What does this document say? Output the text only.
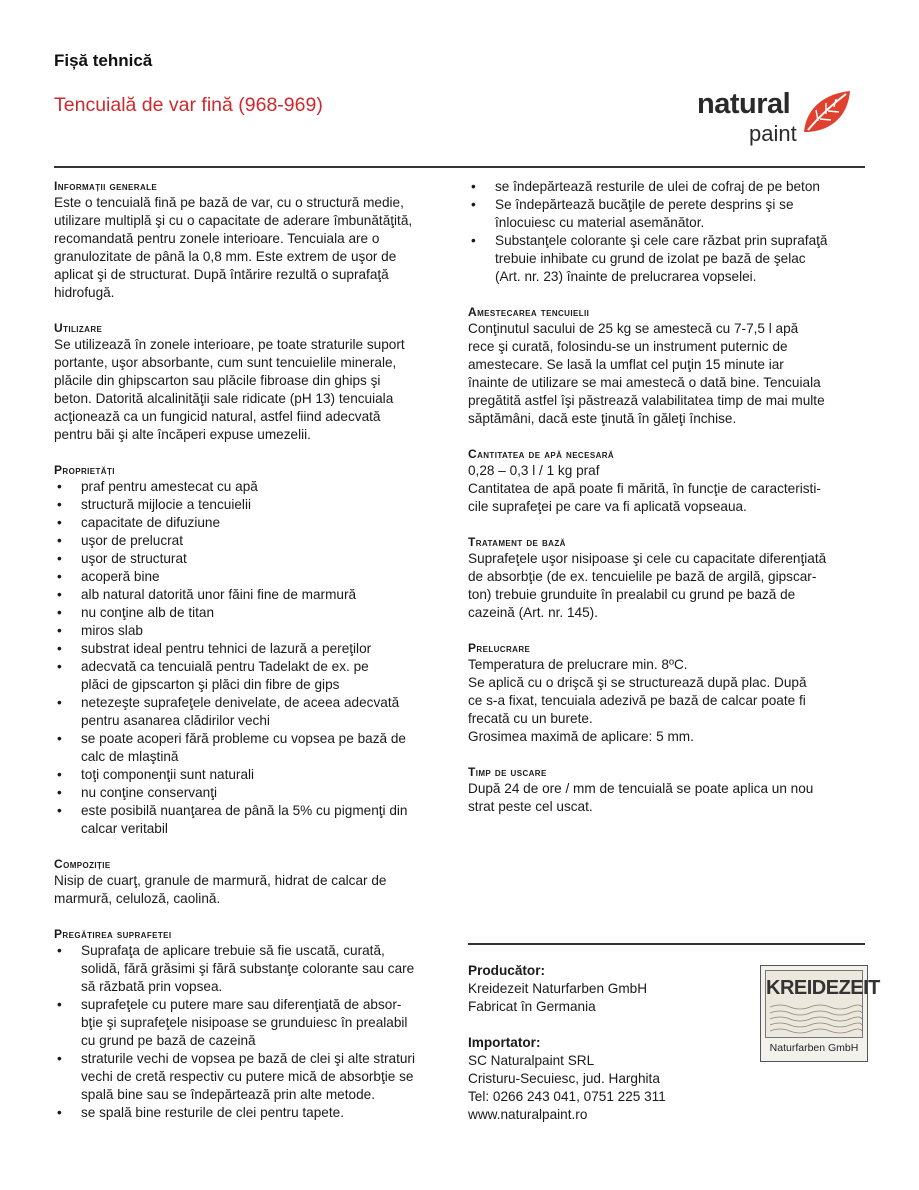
Fișă tehnică
Tencuială de var fină (968-969)	natural
paint
Informații generale

Este o tencuială fină pe bază de var, cu o structură medie,
utilizare multiplă şi cu o capacitate de aderare îmbunătăţită,
recomandată pentru zonele interioare. Tencuiala are o
granulozitate de până la 0,8 mm. Este extrem de uşor de
aplicat şi de structurat. După întărire rezultă o suprafaţă
hidrofugă.

Utilizare

Se utilizează în zonele interioare, pe toate straturile suport
portante, uşor absorbante, cum sunt tencuielile minerale,
plăcile din ghipscarton sau plăcile fibroase din ghips şi
beton. Datorită alcalinităţii sale ridicate (pH 13) tencuiala
acţionează ca un fungicid natural, astfel fiind adecvată
pentru băi şi alte încăperi expuse umezelii.

Proprietăți
• praf pentru amestecat cu apă
• structură mijlocie a tencuielii
• capacitate de difuziune
• uşor de prelucrat
• uşor de structurat
• acoperă bine
• alb natural datorită unor făini fine de marmură
• nu conţine alb de titan
• miros slab
• substrat ideal pentru tehnici de lazură a pereţilor
• adecvată ca tencuială pentru Tadelakt de ex. pe
plăci de gipscarton şi plăci din fibre de gips
• netezeşte suprafeţele denivelate, de aceea adecvată
pentru asanarea clădirilor vechi
• se poate acoperi fără probleme cu vopsea pe bază de
calc de mlaştină
• toţi componenţii sunt naturali
• nu conţine conservanţi
• este posibilă nuanţarea de până la 5% cu pigmenţi din
calcar veritabil
Compoziție

Nisip de cuarţ, granule de marmură, hidrat de calcar de
marmură, celuloză, caolină.

Pregătirea suprafetei
• Suprafaţa de aplicare trebuie să fie uscată, curată,
solidă, fără grăsimi şi fără substanţe colorante sau care
să răzbată prin vopsea.
• suprafeţele cu putere mare sau diferenţiată de absor-
bţie şi suprafeţele nisipoase se grunduiesc în prealabil
cu grund pe bază de cazeină
• straturile vechi de vopsea pe bază de clei şi alte straturi
vechi de cretă respectiv cu putere mică de absorbţie se
spală bine sau se îndepărtează prin alte metode.
• se spală bine resturile de clei pentru tapete.
• se îndepărtează resturile de ulei de cofraj de pe beton
• Se îndepărtează bucăţile de perete desprins şi se
înlocuiesc cu material asemănător.
• Substanţele colorante şi cele care răzbat prin suprafaţă
trebuie inhibate cu grund de izolat pe bază de şelac
(Art. nr. 23) înainte de prelucrarea vopselei.
Amestecarea tencuielii

Conţinutul sacului de 25 kg se amestecă cu 7-7,5 l apă
rece şi curată, folosindu-se un instrument puternic de
amestecare. Se lasă la umflat cel puţin 15 minute iar
înainte de utilizare se mai amestecă o dată bine. Tencuiala
pregătită astfel îşi păstrează valabilitatea timp de mai multe
săptămâni, dacă este ţinută în găleţi închise.

Cantitatea de apă necesară

0,28 – 0,3 l / 1 kg praf
Cantitatea de apă poate fi mărită, în funcţie de caracteristi-
cile suprafeţei pe care va fi aplicată vopseaua.

Tratament de bază

Suprafeţele uşor nisipoase şi cele cu capacitate diferenţiată
de absorbţie (de ex. tencuielile pe bază de argilă, gipscar-
ton) trebuie grunduite în prealabil cu grund pe bază de
cazeină (Art. nr. 145).

Prelucrare

Temperatura de prelucrare min. 8ºC.
Se aplică cu o drişcă şi se structurează după plac. După
ce s-a fixat, tencuiala adezivă pe bază de calcar poate fi
frecată cu un burete.
Grosimea maximă de aplicare: 5 mm.

Timp de uscare

După 24 de ore / mm de tencuială se poate aplica un nou
strat peste cel uscat.

Producător:
Kreidezeit Naturfarben GmbH
Fabricat în Germania
Importator:
SC Naturalpaint SRL
Cristuru-Secuiesc, jud. Harghita
Tel: 0266 243 041, 0751 225 311
www.naturalpaint.ro
KREIDEZEIT
Naturfarben GmbH
